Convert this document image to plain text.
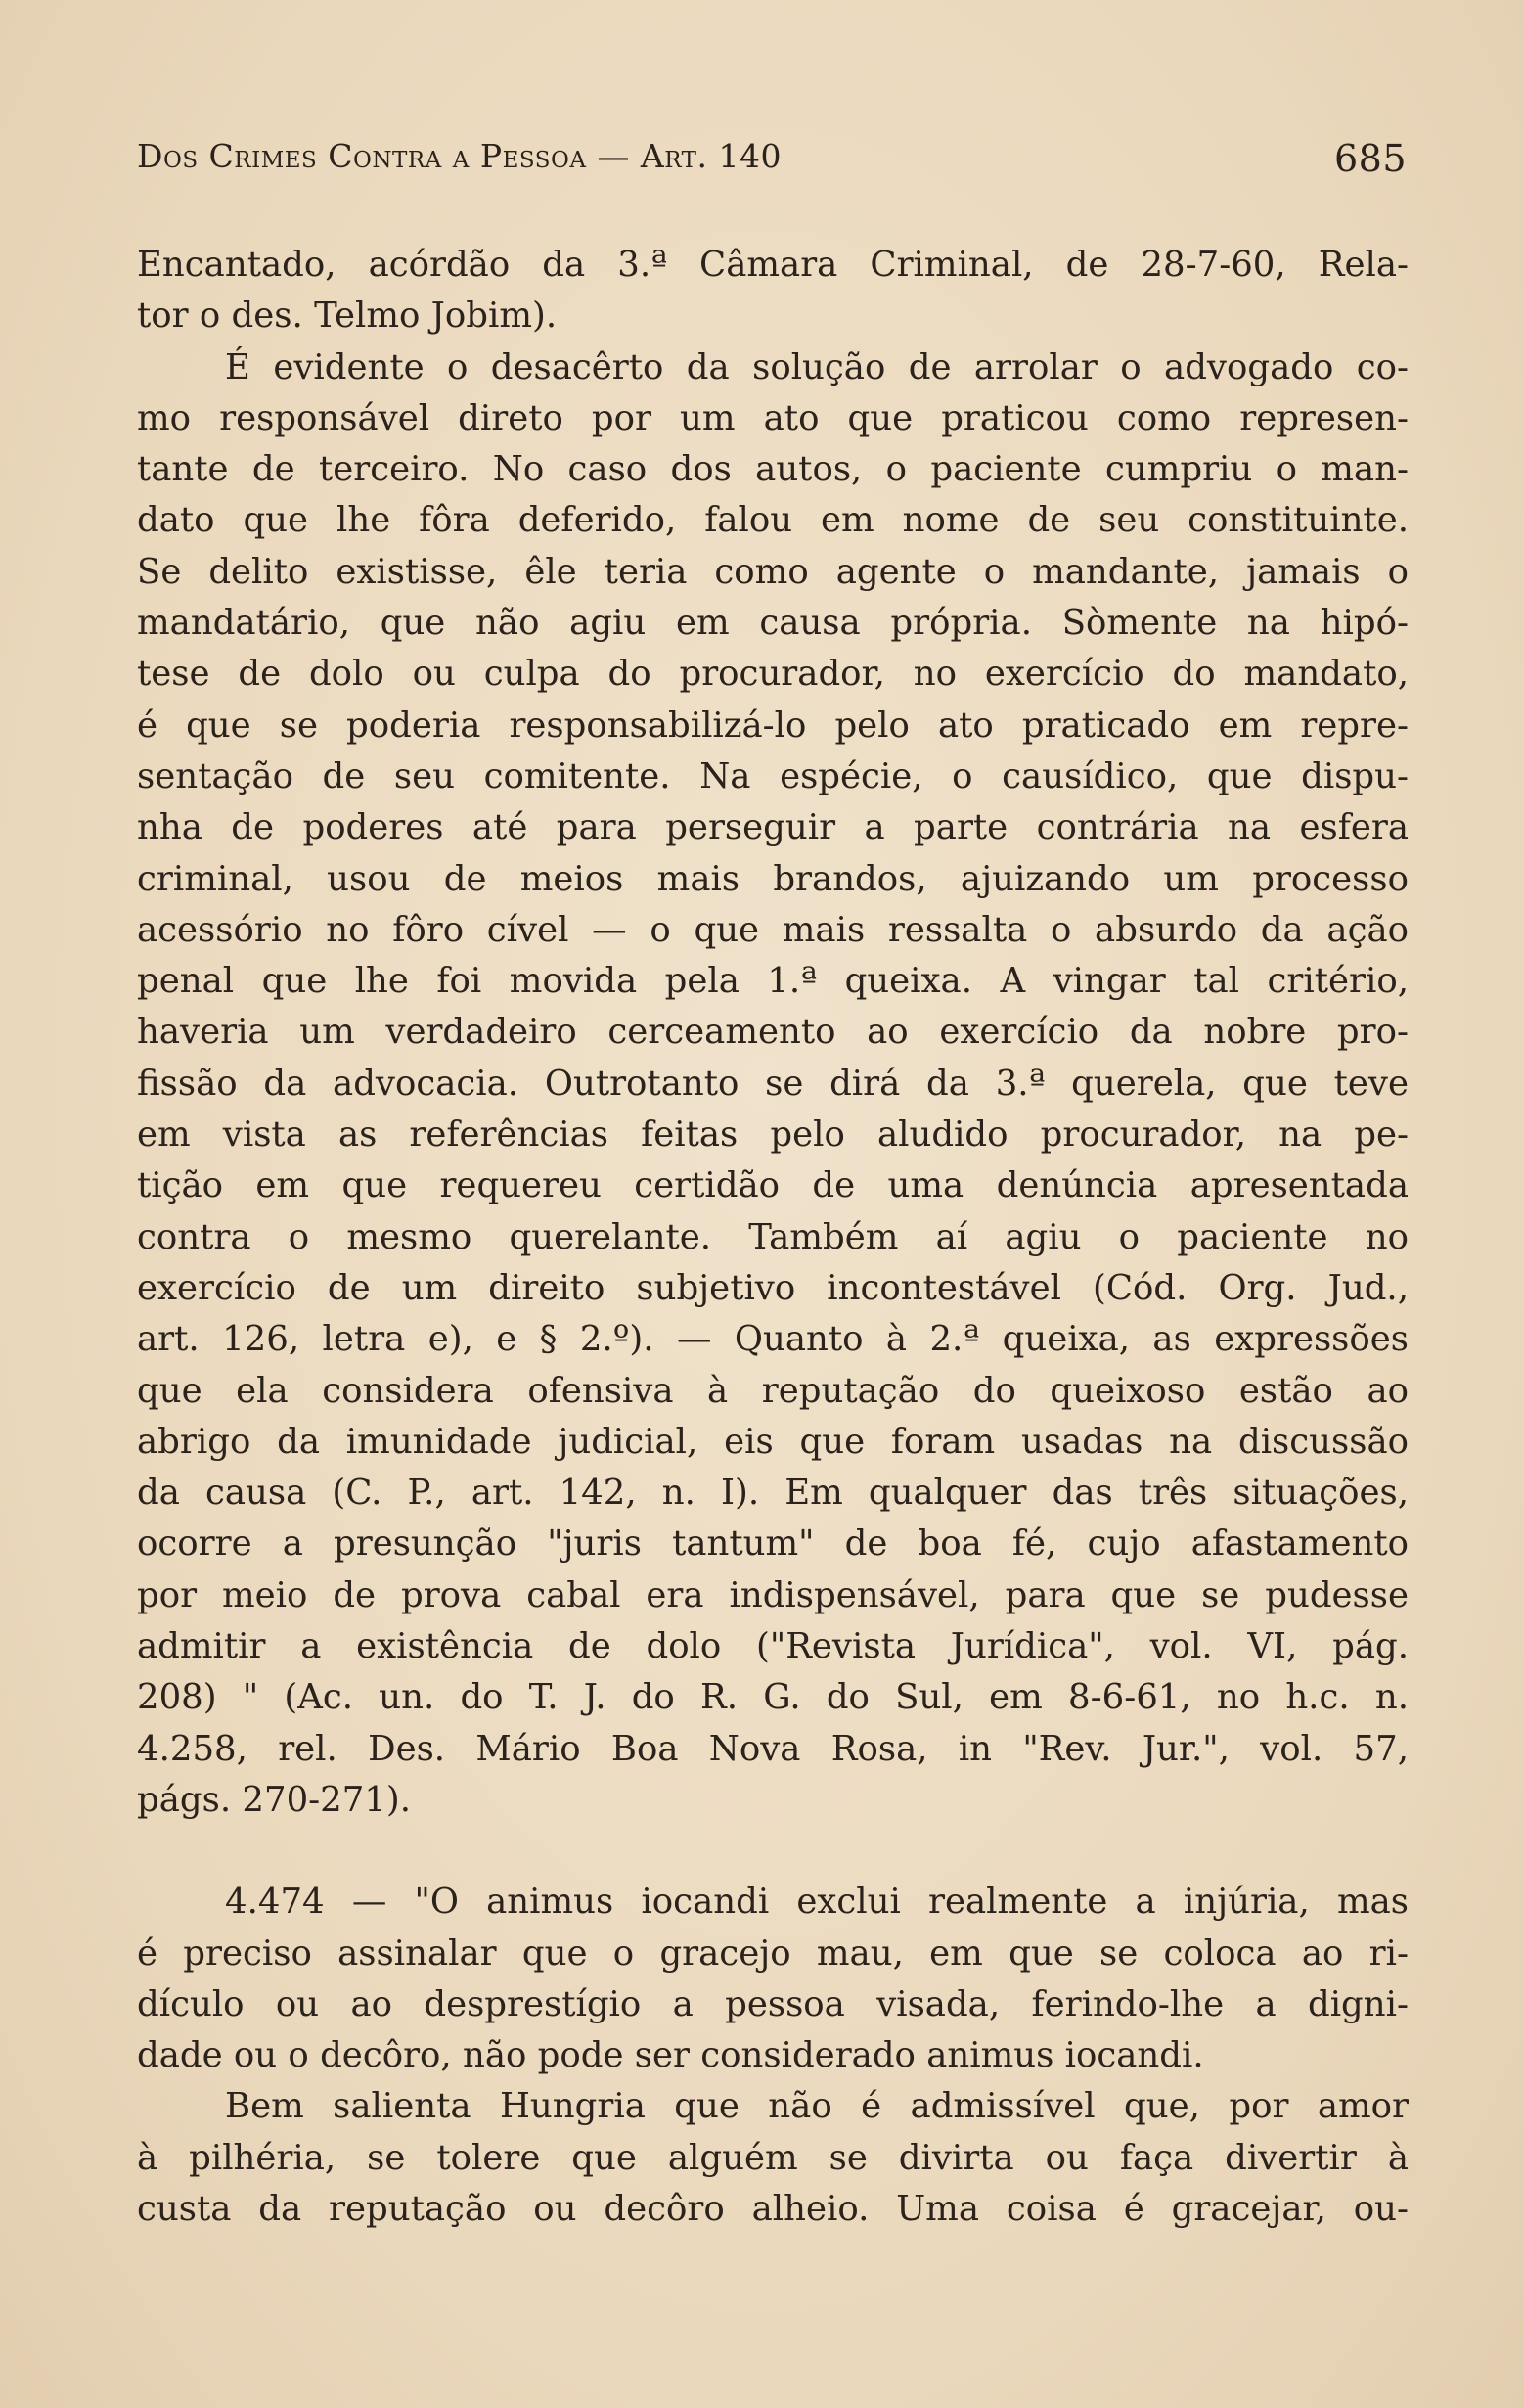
Dos Crimes Contra a Pessoa — Art. 140	685
Encantado, acórdão da 3.ª Câmara Criminal, de 28-7-60, Rela-
tor o des. Telmo Jobim).
É evidente o desacêrto da solução de arrolar o advogado co-
mo responsável direto por um ato que praticou como represen-
tante de terceiro. No caso dos autos, o paciente cumpriu o man-
dato que lhe fôra deferido, falou em nome de seu constituinte.
Se delito existisse, êle teria como agente o mandante, jamais o
mandatário, que não agiu em causa própria. Sòmente na hipó-
tese de dolo ou culpa do procurador, no exercício do mandato,
é que se poderia responsabilizá-lo pelo ato praticado em repre-
sentação de seu comitente. Na espécie, o causídico, que dispu-
nha de poderes até para perseguir a parte contrária na esfera
criminal, usou de meios mais brandos, ajuizando um processo
acessório no fôro cível — o que mais ressalta o absurdo da ação
penal que lhe foi movida pela 1.ª queixa. A vingar tal critério,
haveria um verdadeiro cerceamento ao exercício da nobre pro-
fissão da advocacia. Outrotanto se dirá da 3.ª querela, que teve
em vista as referências feitas pelo aludido procurador, na pe-
tição em que requereu certidão de uma denúncia apresentada
contra o mesmo querelante. Também aí agiu o paciente no
exercício de um direito subjetivo incontestável (Cód. Org. Jud.,
art. 126, letra e), e § 2.º). — Quanto à 2.ª queixa, as expressões
que ela considera ofensiva à reputação do queixoso estão ao
abrigo da imunidade judicial, eis que foram usadas na discussão
da causa (C. P., art. 142, n. I). Em qualquer das três situações,
ocorre a presunção "juris tantum" de boa fé, cujo afastamento
por meio de prova cabal era indispensável, para que se pudesse
admitir a existência de dolo ("Revista Jurídica", vol. VI, pág.
208) " (Ac. un. do T. J. do R. G. do Sul, em 8-6-61, no h.c. n.
4.258, rel. Des. Mário Boa Nova Rosa, in "Rev. Jur.", vol. 57,
págs. 270-271).
4.474 — "O animus iocandi exclui realmente a injúria, mas
é preciso assinalar que o gracejo mau, em que se coloca ao ri-
dículo ou ao desprestígio a pessoa visada, ferindo-lhe a digni-
dade ou o decôro, não pode ser considerado animus iocandi.
Bem salienta Hungria que não é admissível que, por amor
à pilhéria, se tolere que alguém se divirta ou faça divertir à
custa da reputação ou decôro alheio. Uma coisa é gracejar, ou-
